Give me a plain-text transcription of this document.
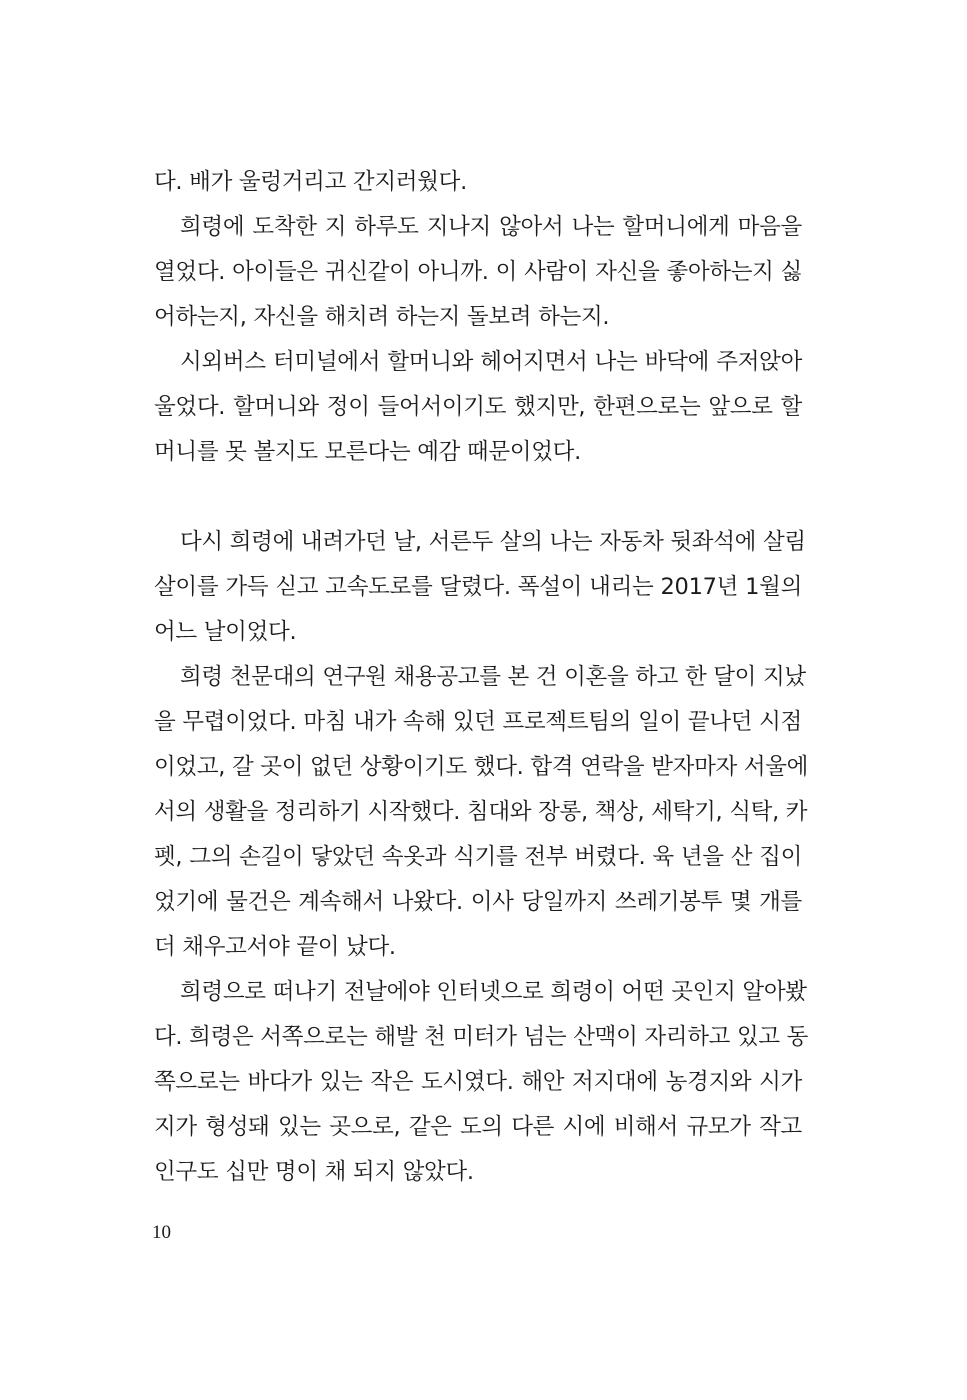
다. 배가 울렁거리고 간지러웠다.
희령에 도착한 지 하루도 지나지 않아서 나는 할머니에게 마음을
열었다. 아이들은 귀신같이 아니까. 이 사람이 자신을 좋아하는지 싫
어하는지, 자신을 해치려 하는지 돌보려 하는지.
시외버스 터미널에서 할머니와 헤어지면서 나는 바닥에 주저앉아
울었다. 할머니와 정이 들어서이기도 했지만, 한편으로는 앞으로 할
머니를 못 볼지도 모른다는 예감 때문이었다.
다시 희령에 내려가던 날, 서른두 살의 나는 자동차 뒷좌석에 살림
살이를 가득 싣고 고속도로를 달렸다. 폭설이 내리는 2017년 1월의
어느 날이었다.
희령 천문대의 연구원 채용공고를 본 건 이혼을 하고 한 달이 지났
을 무렵이었다. 마침 내가 속해 있던 프로젝트팀의 일이 끝나던 시점
이었고, 갈 곳이 없던 상황이기도 했다. 합격 연락을 받자마자 서울에
서의 생활을 정리하기 시작했다. 침대와 장롱, 책상, 세탁기, 식탁, 카
펫, 그의 손길이 닿았던 속옷과 식기를 전부 버렸다. 육 년을 산 집이
었기에 물건은 계속해서 나왔다. 이사 당일까지 쓰레기봉투 몇 개를
더 채우고서야 끝이 났다.
희령으로 떠나기 전날에야 인터넷으로 희령이 어떤 곳인지 알아봤
다. 희령은 서쪽으로는 해발 천 미터가 넘는 산맥이 자리하고 있고 동
쪽으로는 바다가 있는 작은 도시였다. 해안 저지대에 농경지와 시가
지가 형성돼 있는 곳으로, 같은 도의 다른 시에 비해서 규모가 작고
인구도 십만 명이 채 되지 않았다.
10
